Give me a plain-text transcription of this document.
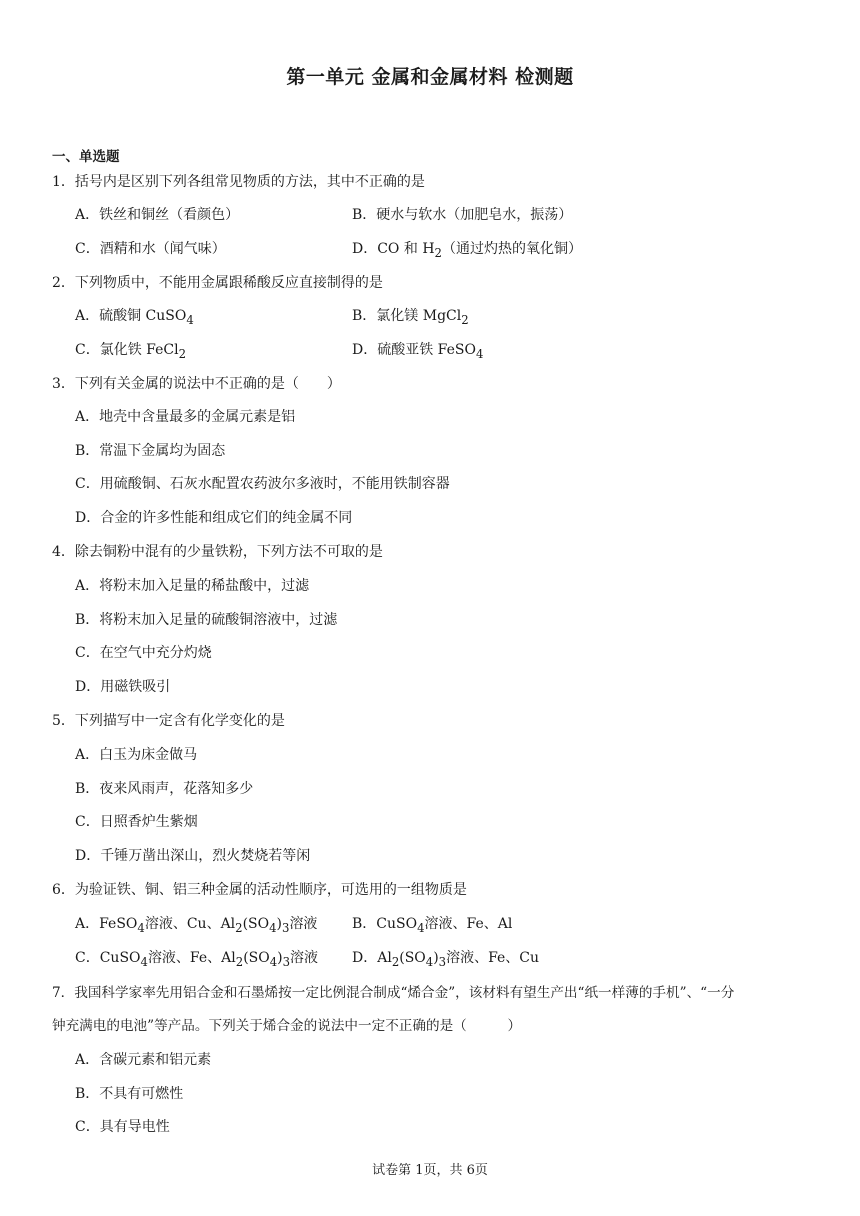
第一单元 金属和金属材料 检测题
一、单选题
1．括号内是区别下列各组常见物质的方法，其中不正确的是
A．铁丝和铜丝（看颜色）	B．硬水与软水（加肥皂水，振荡）
C．酒精和水（闻气味）	D．CO 和 $H_2$（通过灼热的氧化铜）
2．下列物质中，不能用金属跟稀酸反应直接制得的是
A．硫酸铜 CuSO$_4$	B．氯化镁 MgCl$_2$
C．氯化铁 FeCl$_2$	D．硫酸亚铁 FeSO$_4$
3．下列有关金属的说法中不正确的是（　　）
A．地壳中含量最多的金属元素是铝
B．常温下金属均为固态
C．用硫酸铜、石灰水配置农药波尔多液时，不能用铁制容器
D．合金的许多性能和组成它们的纯金属不同
4．除去铜粉中混有的少量铁粉，下列方法不可取的是
A．将粉末加入足量的稀盐酸中，过滤
B．将粉末加入足量的硫酸铜溶液中，过滤
C．在空气中充分灼烧
D．用磁铁吸引
5．下列描写中一定含有化学变化的是
A．白玉为床金做马
B．夜来风雨声，花落知多少
C．日照香炉生紫烟
D．千锤万凿出深山，烈火焚烧若等闲
6．为验证铁、铜、铝三种金属的活动性顺序，可选用的一组物质是
A．FeSO$_4$溶液、Cu、$Al_2(SO_4)_3$溶液 B．CuSO$_4$溶液、Fe、Al
C．CuSO$_4$溶液、Fe、$Al_2(SO_4)_3$溶液 D．$Al_2(SO_4)_3$溶液、Fe、Cu
7．我国科学家率先用铝合金和石墨烯按一定比例混合制成“烯合金”，该材料有望生产出“纸一样薄的手机”、“一分
钟充满电的电池”等产品。下列关于烯合金的说法中一定不正确的是（　　　）
A．含碳元素和铝元素
B．不具有可燃性
C．具有导电性
试卷第 1页，共 6页
